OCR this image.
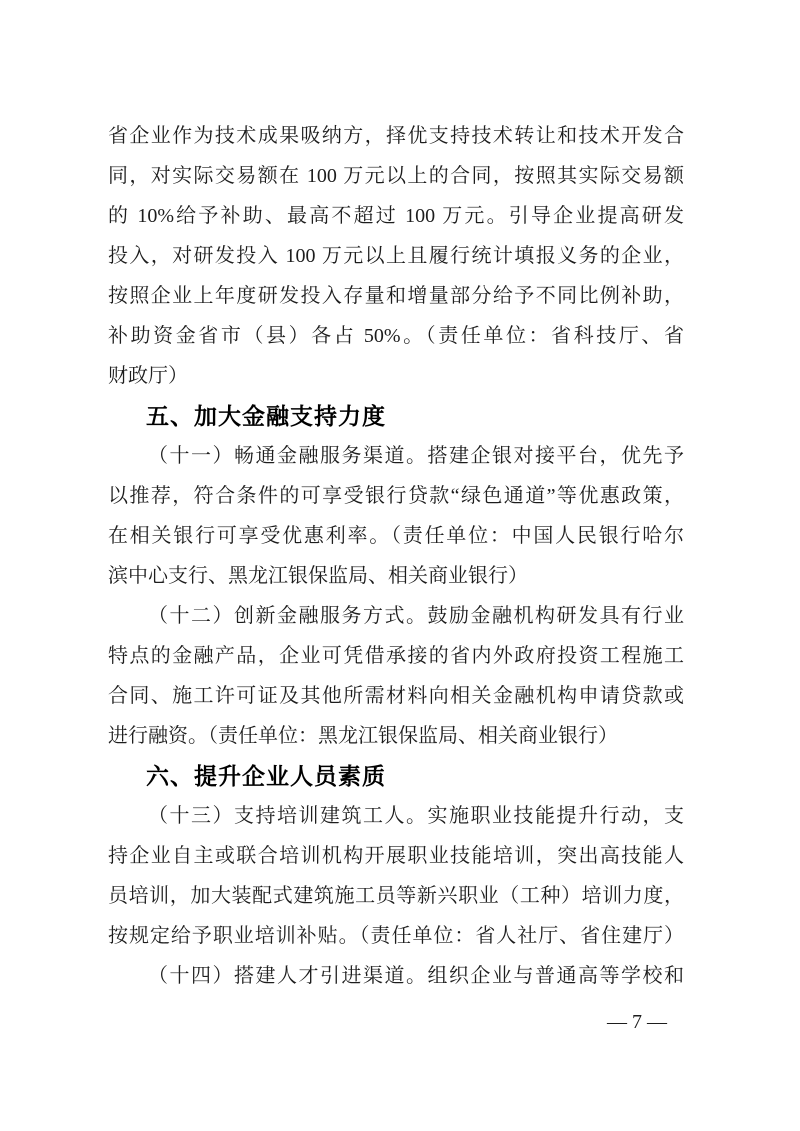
省企业作为技术成果吸纳方，择优支持技术转让和技术开发合
同，对实际交易额在 100 万元以上的合同，按照其实际交易额
的 10%给予补助、最高不超过 100 万元。引导企业提高研发
投入，对研发投入 100 万元以上且履行统计填报义务的企业，
按照企业上年度研发投入存量和增量部分给予不同比例补助，
补助资金省市（县）各占 50%。（责任单位：省科技厅、省
财政厅）
五、加大金融支持力度
（十一）畅通金融服务渠道。搭建企银对接平台，优先予
以推荐，符合条件的可享受银行贷款“绿色通道”等优惠政策，
在相关银行可享受优惠利率。（责任单位：中国人民银行哈尔
滨中心支行、黑龙江银保监局、相关商业银行）
（十二）创新金融服务方式。鼓励金融机构研发具有行业
特点的金融产品，企业可凭借承接的省内外政府投资工程施工
合同、施工许可证及其他所需材料向相关金融机构申请贷款或
进行融资。（责任单位：黑龙江银保监局、相关商业银行）
六、提升企业人员素质
（十三）支持培训建筑工人。实施职业技能提升行动，支
持企业自主或联合培训机构开展职业技能培训，突出高技能人
员培训，加大装配式建筑施工员等新兴职业（工种）培训力度，
按规定给予职业培训补贴。（责任单位：省人社厅、省住建厅）
（十四）搭建人才引进渠道。组织企业与普通高等学校和
— 7 —
